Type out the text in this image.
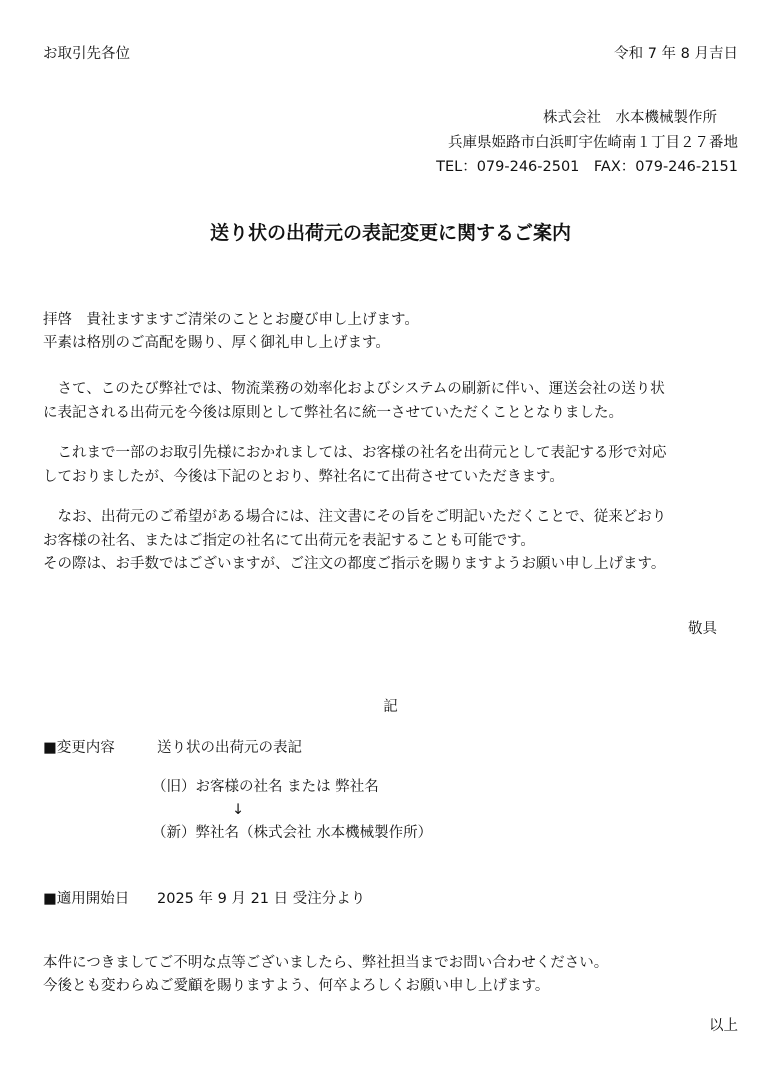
お取引先各位	令和 7 年 8 月吉日
株式会社　水本機械製作所
兵庫県姫路市白浜町宇佐崎南１丁目２７番地
TEL：079-246-2501　FAX：079-246-2151
送り状の出荷元の表記変更に関するご案内
拝啓　貴社ますますご清栄のこととお慶び申し上げます。
平素は格別のご高配を賜り、厚く御礼申し上げます。
　さて、このたび弊社では、物流業務の効率化およびシステムの刷新に伴い、運送会社の送り状
に表記される出荷元を今後は原則として弊社名に統一させていただくこととなりました。
　これまで一部のお取引先様におかれましては、お客様の社名を出荷元として表記する形で対応
しておりましたが、今後は下記のとおり、弊社名にて出荷させていただきます。
　なお、出荷元のご希望がある場合には、注文書にその旨をご明記いただくことで、従来どおり
お客様の社名、またはご指定の社名にて出荷元を表記することも可能です。
その際は、お手数ではございますが、ご注文の都度ご指示を賜りますようお願い申し上げます。
敬具
記
■変更内容	送り状の出荷元の表記
（旧）お客様の社名 または 弊社名
↓
（新）弊社名（株式会社 水本機械製作所）
■適用開始日 2025 年 9 月 21 日 受注分より
本件につきましてご不明な点等ございましたら、弊社担当までお問い合わせください。
今後とも変わらぬご愛顧を賜りますよう、何卒よろしくお願い申し上げます。
以上
